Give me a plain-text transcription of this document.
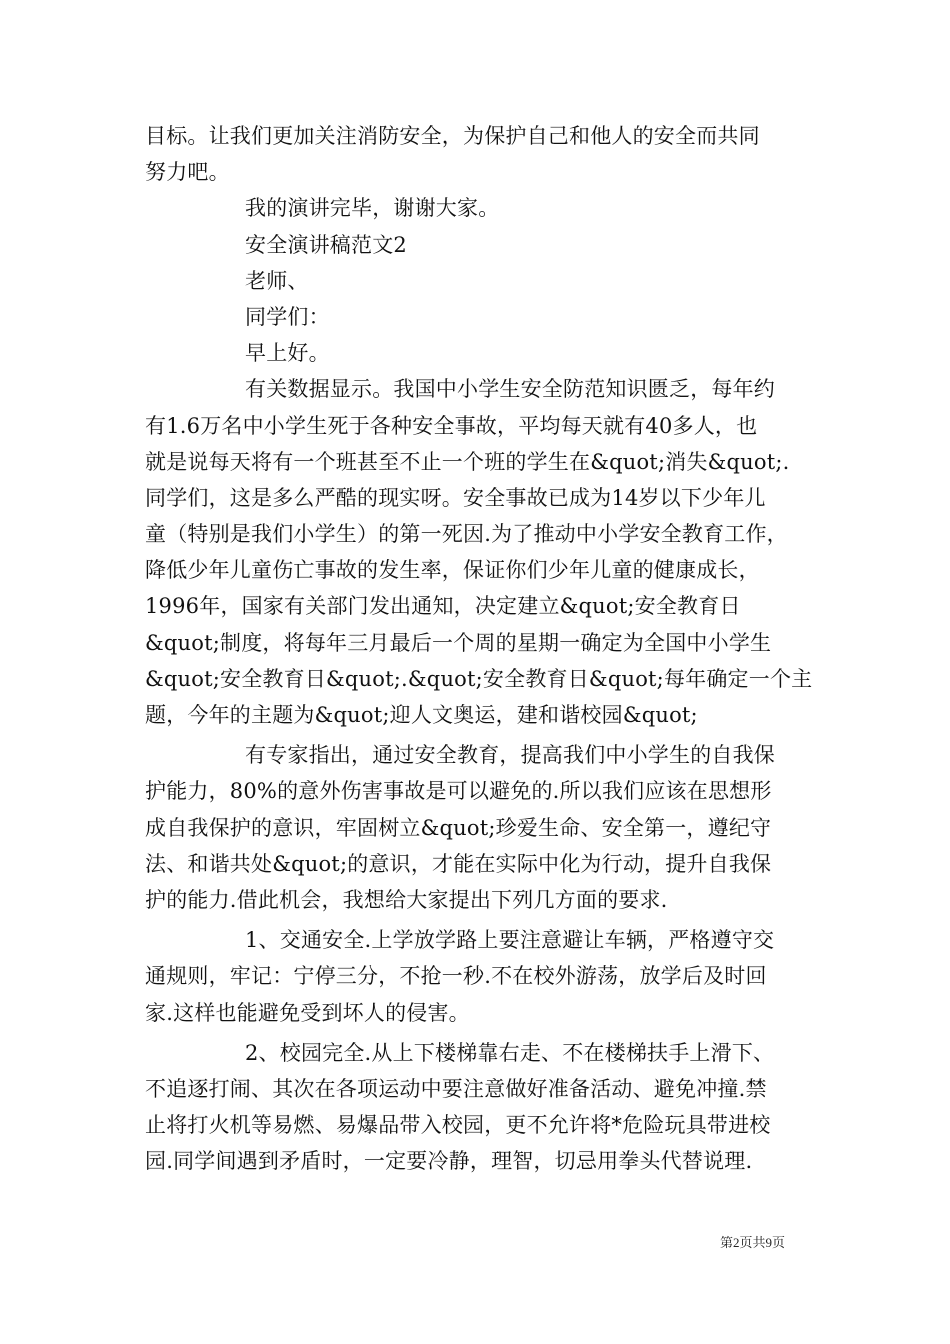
目标。让我们更加关注消防安全，为保护自己和他人的安全而共同
努力吧。
我的演讲完毕，谢谢大家。
安全演讲稿范文2
老师、
同学们：
早上好。
有关数据显示。我国中小学生安全防范知识匮乏，每年约
有1.6万名中小学生死于各种安全事故，平均每天就有40多人，也
就是说每天将有一个班甚至不止一个班的学生在&quot;消失&quot;.
同学们，这是多么严酷的现实呀。安全事故已成为14岁以下少年儿
童（特别是我们小学生）的第一死因.为了推动中小学安全教育工作，
降低少年儿童伤亡事故的发生率，保证你们少年儿童的健康成长，
1996年，国家有关部门发出通知，决定建立&quot;安全教育日
&quot;制度，将每年三月最后一个周的星期一确定为全国中小学生
&quot;安全教育日&quot;.&quot;安全教育日&quot;每年确定一个主
题，今年的主题为&quot;迎人文奥运，建和谐校园&quot;
有专家指出，通过安全教育，提高我们中小学生的自我保
护能力，80%的意外伤害事故是可以避免的.所以我们应该在思想形
成自我保护的意识，牢固树立&quot;珍爱生命、安全第一，遵纪守
法、和谐共处&quot;的意识，才能在实际中化为行动，提升自我保
护的能力.借此机会，我想给大家提出下列几方面的要求.
1、交通安全.上学放学路上要注意避让车辆，严格遵守交
通规则，牢记：宁停三分，不抢一秒.不在校外游荡，放学后及时回
家.这样也能避免受到坏人的侵害。
2、校园完全.从上下楼梯靠右走、不在楼梯扶手上滑下、
不追逐打闹、其次在各项运动中要注意做好准备活动、避免冲撞.禁
止将打火机等易燃、易爆品带入校园，更不允许将*危险玩具带进校
园.同学间遇到矛盾时，一定要冷静，理智，切忌用拳头代替说理.
第2页共9页
